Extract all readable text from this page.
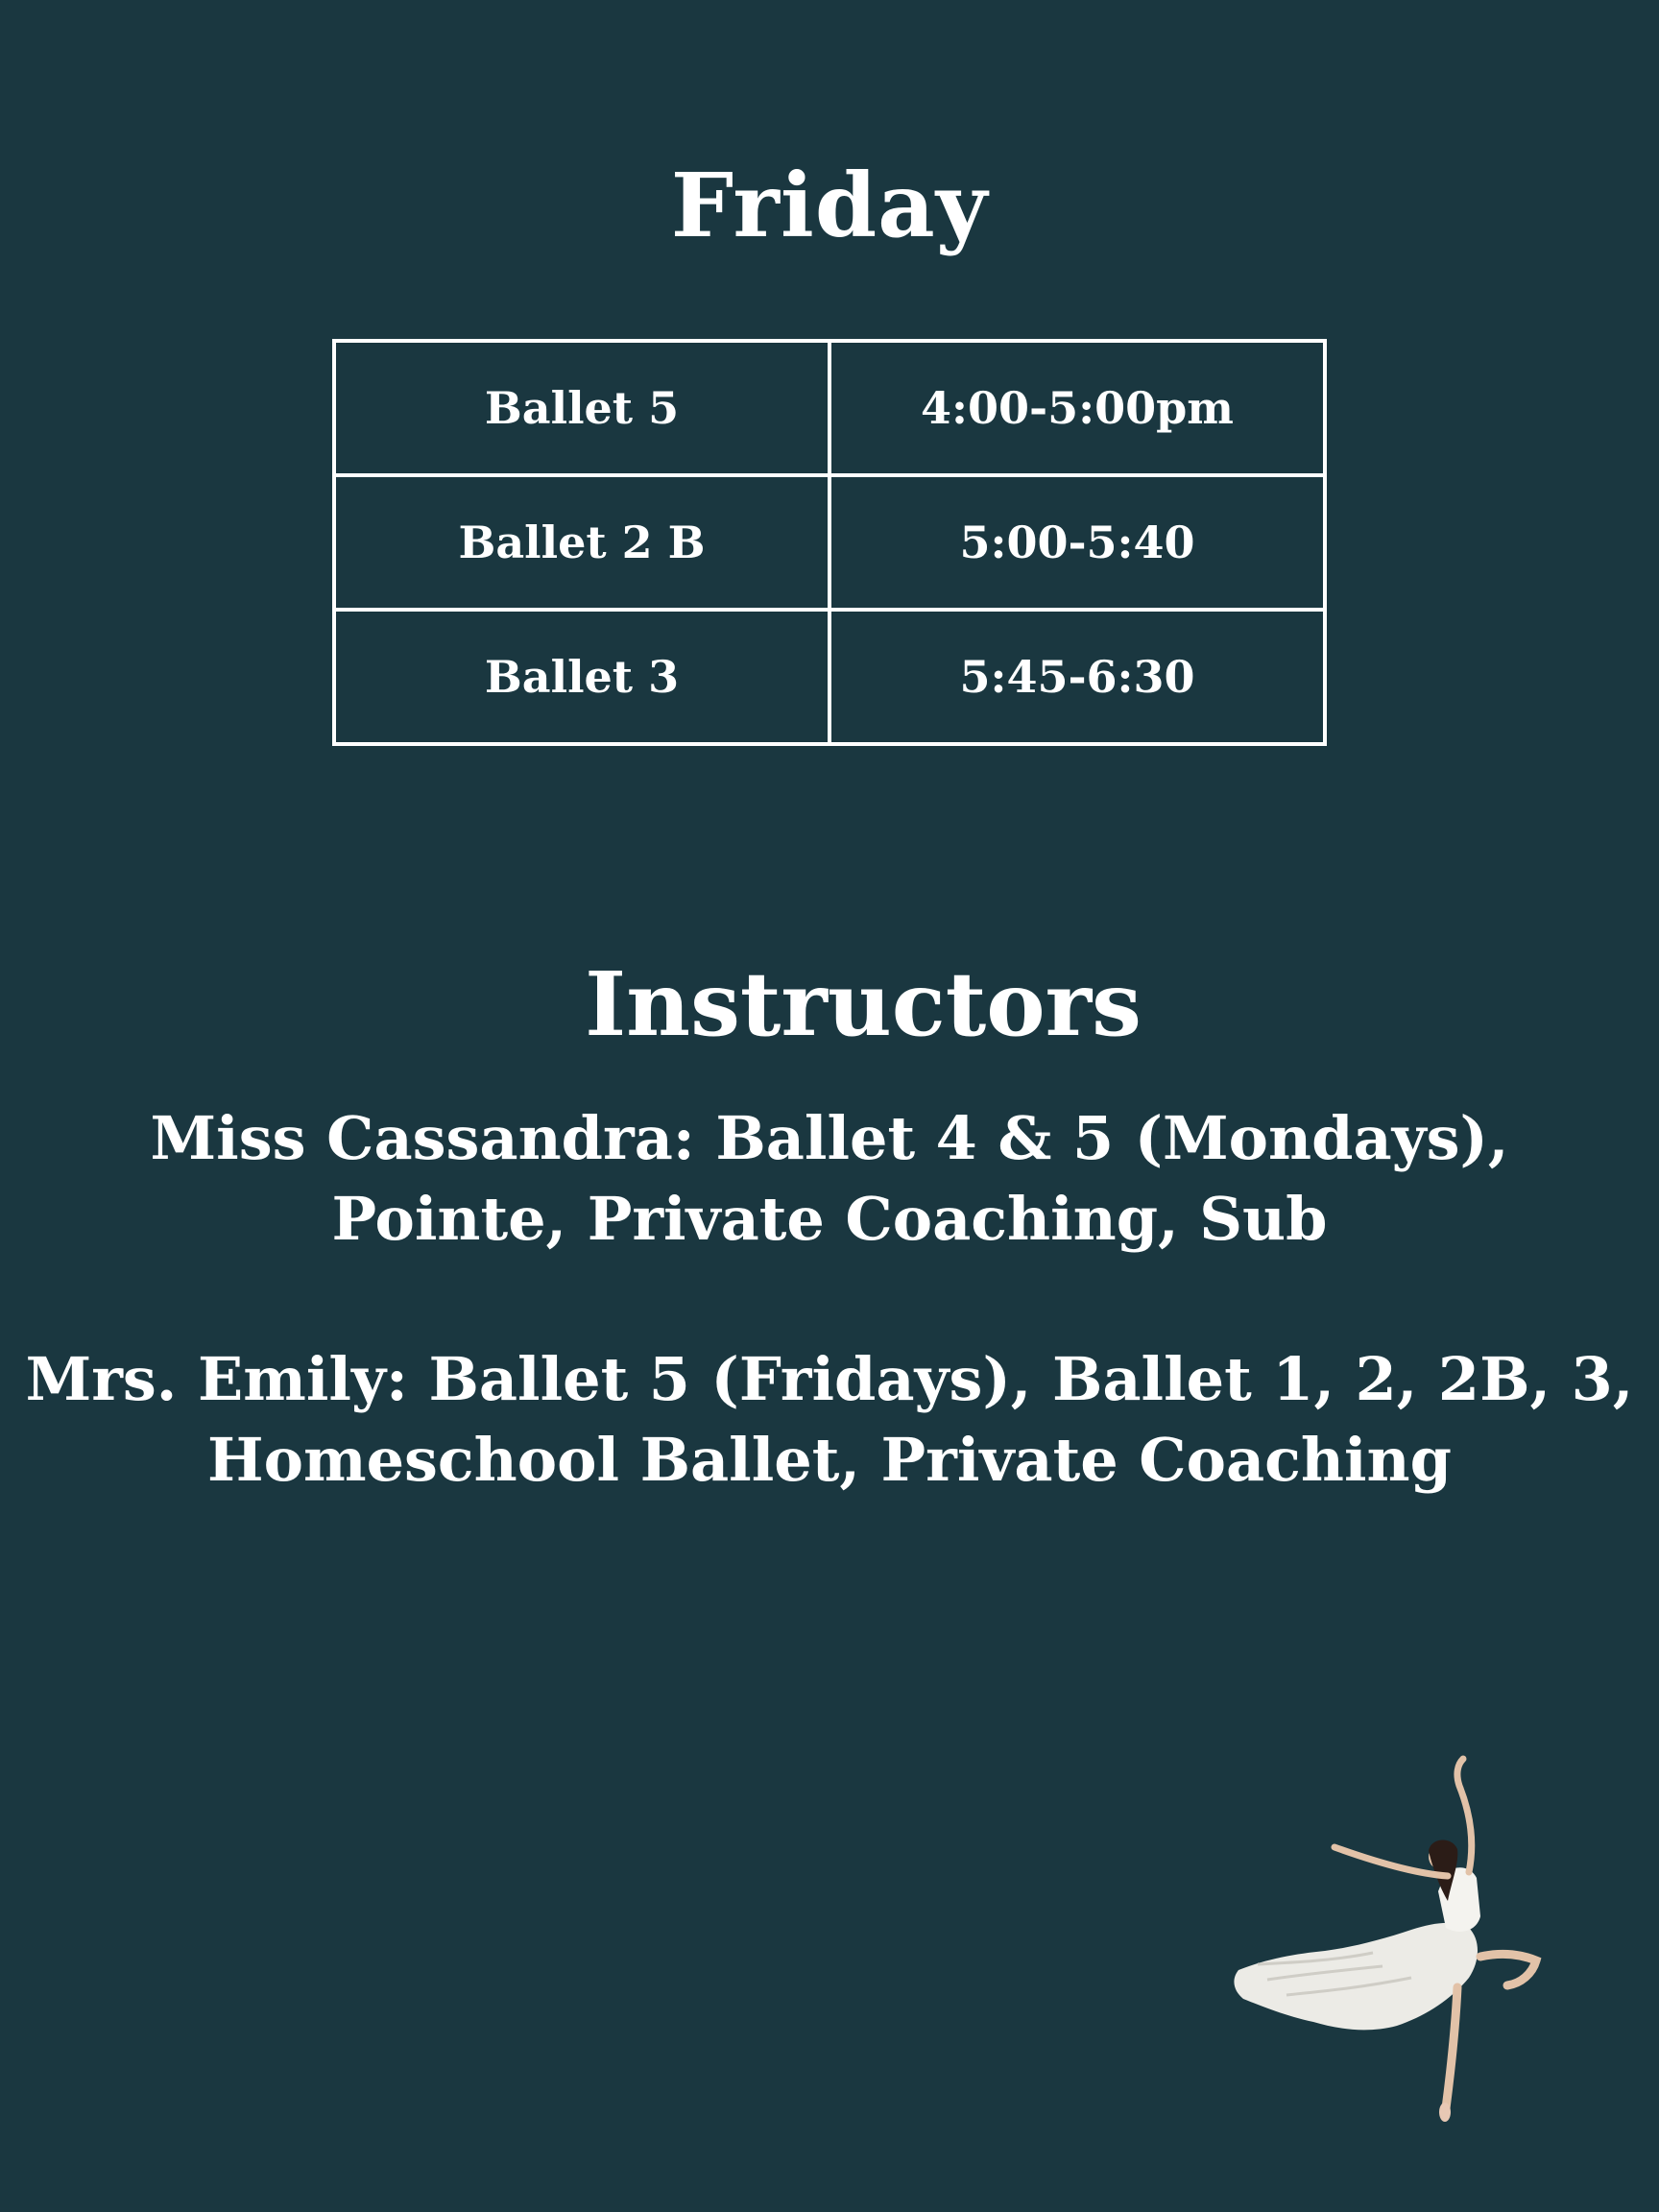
Friday
Ballet 5	4:00-5:00pm
Ballet 2 B	5:00-5:40
Ballet 3	5:45-6:30
Instructors

Miss Cassandra: Ballet 4 & 5 (Mondays),

Pointe, Private Coaching, Sub

Mrs. Emily: Ballet 5 (Fridays), Ballet 1, 2, 2B, 3,

Homeschool Ballet, Private Coaching
